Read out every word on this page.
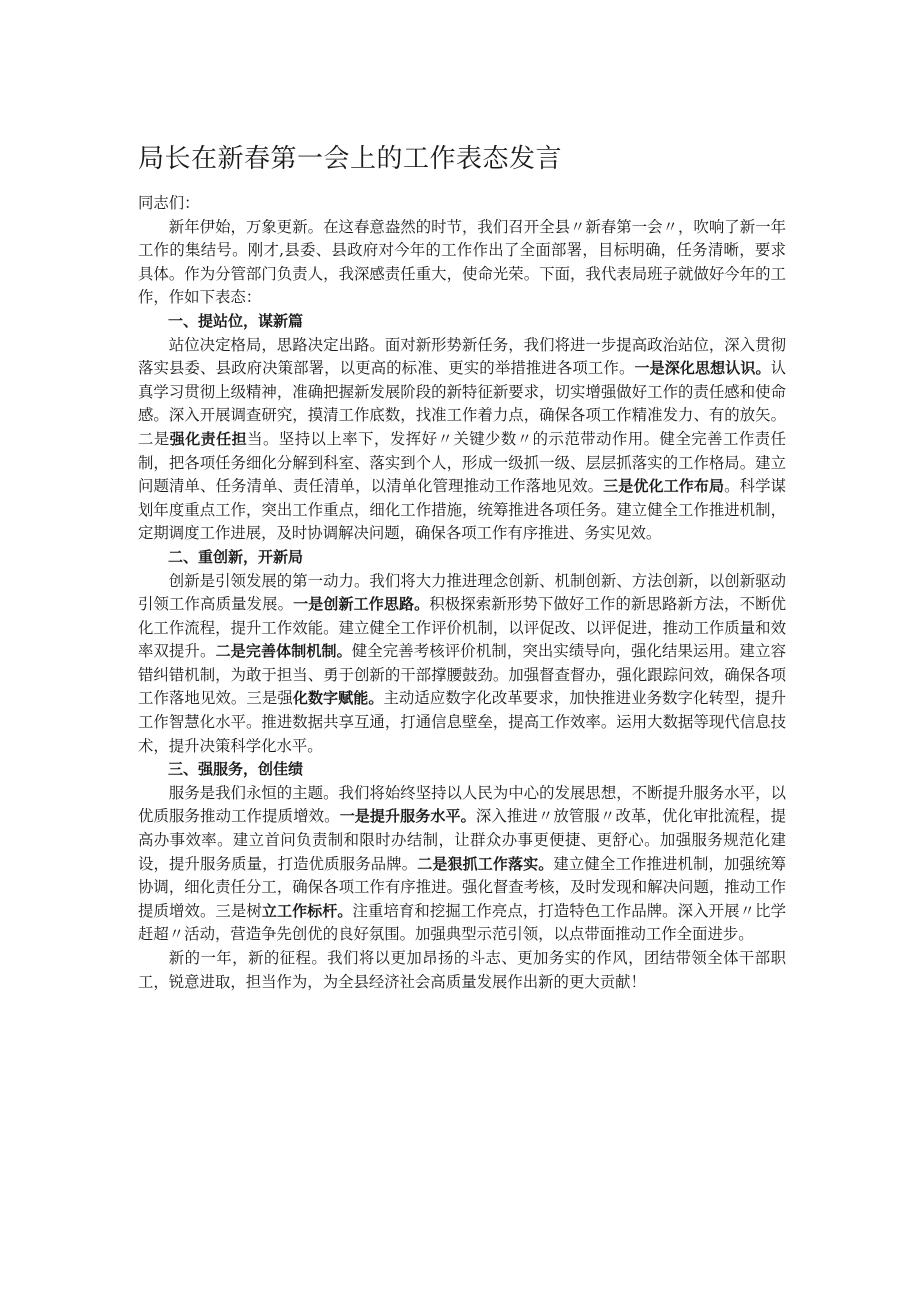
局长在新春第一会上的工作表态发言

同志们：

新年伊始，万象更新。在这春意盎然的时节，我们召开全县〃新春第一会〃，吹响了新一年工作的集结号。刚才,县委、县政府对今年的工作作出了全面部署，目标明确，任务清晰，要求具体。作为分管部门负责人，我深感责任重大，使命光荣。下面，我代表局班子就做好今年的工作，作如下表态：

一、提站位，谋新篇

站位决定格局，思路决定出路。面对新形势新任务，我们将进一步提高政治站位，深入贯彻落实县委、县政府决策部署，以更高的标准、更实的举措推进各项工作。一是深化思想认识。认真学习贯彻上级精神，准确把握新发展阶段的新特征新要求，切实增强做好工作的责任感和使命感。深入开展调查研究，摸清工作底数，找准工作着力点，确保各项工作精准发力、有的放矢。二是强化责任担当。坚持以上率下，发挥好〃关键少数〃的示范带动作用。健全完善工作责任制，把各项任务细化分解到科室、落实到个人，形成一级抓一级、层层抓落实的工作格局。建立问题清单、任务清单、责任清单，以清单化管理推动工作落地见效。三是优化工作布局。科学谋划年度重点工作，突出工作重点，细化工作措施，统筹推进各项任务。建立健全工作推进机制，定期调度工作进展，及时协调解决问题，确保各项工作有序推进、务实见效。

二、重创新，开新局

创新是引领发展的第一动力。我们将大力推进理念创新、机制创新、方法创新，以创新驱动引领工作高质量发展。一是创新工作思路。积极探索新形势下做好工作的新思路新方法，不断优化工作流程，提升工作效能。建立健全工作评价机制，以评促改、以评促进，推动工作质量和效率双提升。二是完善体制机制。健全完善考核评价机制，突出实绩导向，强化结果运用。建立容错纠错机制，为敢于担当、勇于创新的干部撑腰鼓劲。加强督查督办，强化跟踪问效，确保各项工作落地见效。三是强化数字赋能。主动适应数字化改革要求，加快推进业务数字化转型，提升工作智慧化水平。推进数据共享互通，打通信息壁垒，提高工作效率。运用大数据等现代信息技术，提升决策科学化水平。

三、强服务，创佳绩

服务是我们永恒的主题。我们将始终坚持以人民为中心的发展思想，不断提升服务水平，以优质服务推动工作提质增效。一是提升服务水平。深入推进〃放管服〃改革，优化审批流程，提高办事效率。建立首问负责制和限时办结制，让群众办事更便捷、更舒心。加强服务规范化建设，提升服务质量，打造优质服务品牌。二是狠抓工作落实。建立健全工作推进机制，加强统筹协调，细化责任分工，确保各项工作有序推进。强化督查考核，及时发现和解决问题，推动工作提质增效。三是树立工作标杆。注重培育和挖掘工作亮点，打造特色工作品牌。深入开展〃比学赶超〃活动，营造争先创优的良好氛围。加强典型示范引领，以点带面推动工作全面进步。

新的一年，新的征程。我们将以更加昂扬的斗志、更加务实的作风，团结带领全体干部职工，锐意进取，担当作为，为全县经济社会高质量发展作出新的更大贡献！
